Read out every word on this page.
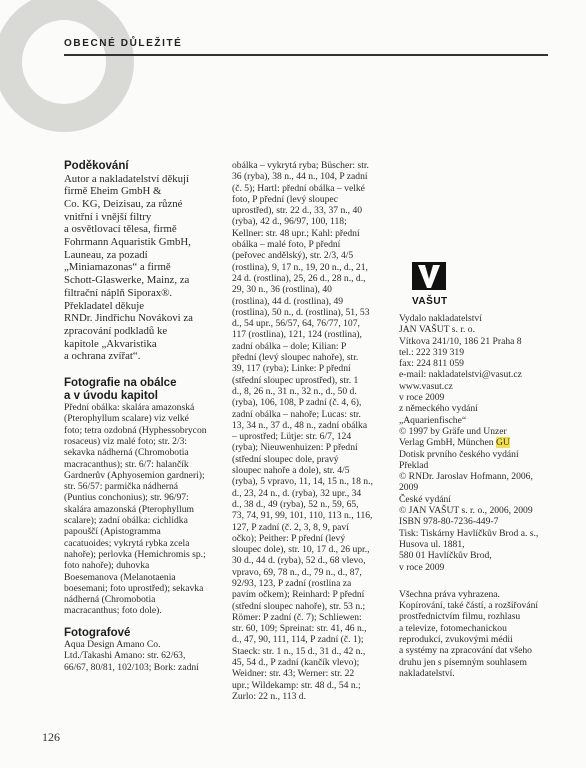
OBECNÉ DŮLEŽITÉ
Poděkování

Autor a nakladatelství děkují

firmě Eheim GmbH &

Co. KG, Deizisau, za různé

vnitřní i vnější filtry

a osvětlovací tělesa, firmě

Fohrmann Aquaristik GmbH,

Launeau, za pozadí

„Miniamazonas“ a firmě

Schott-Glaswerke, Mainz, za

filtrační náplň Siporax®.

Překladatel děkuje

RNDr. Jindřichu Novákovi za

zpracování podkladů ke

kapitole „Akvaristika

a ochrana zvířat“.

Fotografie na obálce
a v úvodu kapitol

Přední obálka: skalára amazonská

(Pterophyllum scalare) viz velké

foto; tetra ozdobná (Hyphessobrycon

rosaceus) viz malé foto; str. 2/3:

sekavka nádherná (Chromobotia

macracanthus); str. 6/7: halančík

Gardnerův (Aphyosemion gardneri);

str. 56/57: parmička nádherná

(Puntius conchonius); str. 96/97:

skalára amazonská (Pterophyllum

scalare); zadní obálka: cichlidka

papouščí (Apistogramma

cacatuoides; vykrytá rybka zcela

nahoře); perlovka (Hemichromis sp.;

foto nahoře); duhovka

Boesemanova (Melanotaenia

boesemani; foto uprostřed); sekavka

nádherná (Chromobotia

macracanthus; foto dole).

Fotografové

Aqua Design Amano Co.

Ltd./Takashi Amano: str. 62/63,

66/67, 80/81, 102/103; Bork: zadní

obálka – vykrytá ryba; Büscher: str.

36 (ryba), 38 n., 44 n., 104, P zadní

(č. 5); Hartl: přední obálka – velké

foto, P přední (levý sloupec

uprostřed), str. 22 d., 33, 37 n., 40

(ryba), 42 d., 96/97, 100, 118;

Kellner: str. 48 upr.; Kahl: přední

obálka – malé foto, P přední

(peřovec andělský), str. 2/3, 4/5

(rostlina), 9, 17 n., 19, 20 n., d., 21,

24 d. (rostlina), 25, 26 d., 28 n., d.,

29, 30 n., 36 (rostlina), 40

(rostlina), 44 d. (rostlina), 49

(rostlina), 50 n., d. (rostlina), 51, 53

d., 54 upr., 56/57, 64, 76/77, 107,

117 (rostlina), 121, 124 (rostlina),

zadní obálka – dole; Kilian: P

přední (levý sloupec nahoře), str.

39, 117 (ryba); Linke: P přední

(střední sloupec uprostřed), str. 1

d., 8, 26 n., 31 n., 32 n., d., 50 d.

(ryba), 106, 108, P zadní (č. 4, 6),

zadní obálka – nahoře; Lucas: str.

13, 34 n., 37 d., 48 n., zadní obálka

– uprostřed; Lütje: str. 6/7, 124

(ryba); Nieuwenhuizen: P přední

(střední sloupec dole, pravý

sloupec nahoře a dole), str. 4/5

(ryba), 5 vpravo, 11, 14, 15 n., 18 n.,

d., 23, 24 n., d. (ryba), 32 upr., 34

d., 38 d., 49 (ryba), 52 n., 59, 65,

73, 74, 91, 99, 101, 110, 113 n., 116,

127, P zadní (č. 2, 3, 8, 9, paví

očko); Peither: P přední (levý

sloupec dole), str. 10, 17 d., 26 upr.,

30 d., 44 d. (ryba), 52 d., 68 vlevo,

vpravo, 69, 78 n., d., 79 n., d., 87,

92/93, 123, P zadní (rostlina za

pavím očkem); Reinhard: P přední

(střední sloupec nahoře), str. 53 n.;

Römer: P zadní (č. 7); Schliewen:

str. 60, 109; Spreinat: str. 41, 46 n.,

d., 47, 90, 111, 114, P zadní (č. 1);

Staeck: str. 1 n., 15 d., 31 d., 42 n.,

45, 54 d., P zadní (kančík vlevo);

Weidner: str. 43; Werner: str. 22

upr.; Wildekamp: str. 48 d., 54 n.;

Zurlo: 22 n., 113 d.

VAŠUT

Vydalo nakladatelství

JAN VAŠUT s. r. o.

Vítkova 241/10, 186 21 Praha 8

tel.: 222 319 319

fax: 224 811 059

e-mail: nakladatelstvi@vasut.cz

www.vasut.cz

v roce 2009

z německého vydání

„Aquarienfische“

© 1997 by Gräfe und Unzer

Verlag GmbH, München GU

Dotisk prvního českého vydání

Překlad

© RNDr. Jaroslav Hofmann, 2006,

2009

České vydání

© JAN VAŠUT s. r. o., 2006, 2009

ISBN 978-80-7236-449-7

Tisk: Tiskárny Havlíčkův Brod a. s.,

Husova ul. 1881,

580 01 Havlíčkův Brod,

v roce 2009

Všechna práva vyhrazena.

Kopírování, také částí, a rozšiřování

prostřednictvím filmu, rozhlasu

a televize, fotomechanickou

reprodukcí, zvukovými médii

a systémy na zpracování dat všeho

druhu jen s písemným souhlasem

nakladatelství.

126
